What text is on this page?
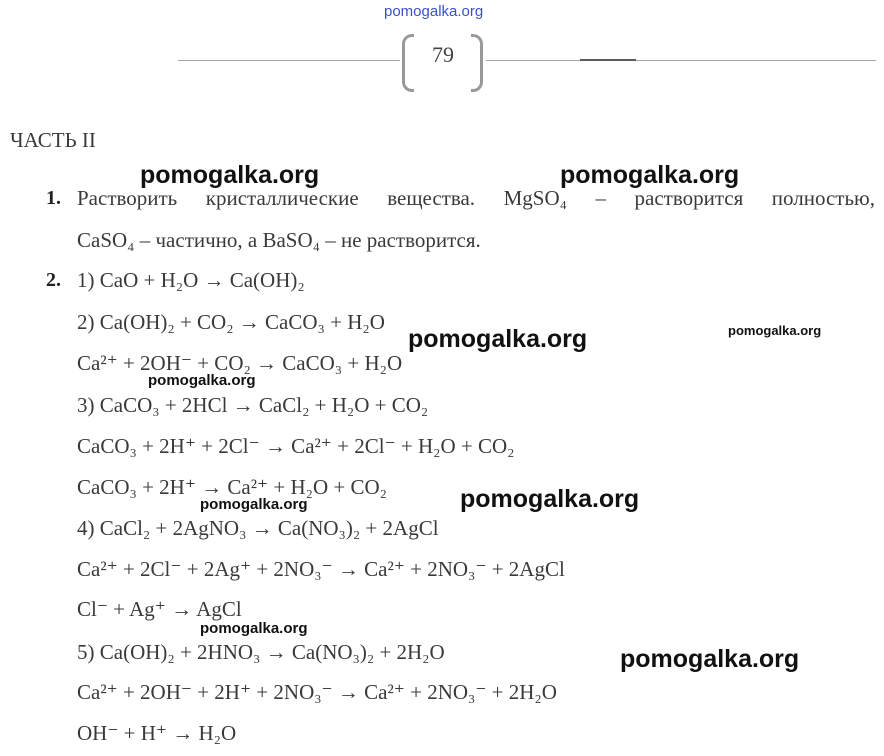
pomogalka.org
79
ЧАСТЬ II
1. Растворить кристаллические вещества. MgSO₄ – растворится полностью,
CaSO₄ – частично, а BaSO₄ – не растворится.
2. 1) CaO + H₂O → Ca(OH)₂
2) Ca(OH)₂ + CO₂ → CaCO₃ + H₂O
Ca²⁺ + 2OH⁻ + CO₂ → CaCO₃ + H₂O
3) CaCO₃ + 2HCl → CaCl₂ + H₂O + CO₂
CaCO₃ + 2H⁺ + 2Cl⁻ → Ca²⁺ + 2Cl⁻ + H₂O + CO₂
CaCO₃ + 2H⁺ → Ca²⁺ + H₂O + CO₂
4) CaCl₂ + 2AgNO₃ → Ca(NO₃)₂ + 2AgCl
Ca²⁺ + 2Cl⁻ + 2Ag⁺ + 2NO₃⁻ → Ca²⁺ + 2NO₃⁻ + 2AgCl
Cl⁻ + Ag⁺ → AgCl
5) Ca(OH)₂ + 2HNO₃ → Ca(NO₃)₂ + 2H₂O
Ca²⁺ + 2OH⁻ + 2H⁺ + 2NO₃⁻ → Ca²⁺ + 2NO₃⁻ + 2H₂O
OH⁻ + H⁺ → H₂O
pomogalka.org	pomogalka.org
pomogalka.org	pomogalka.org
pomogalka.org
pomogalka.org	pomogalka.org
pomogalka.org
pomogalka.org
